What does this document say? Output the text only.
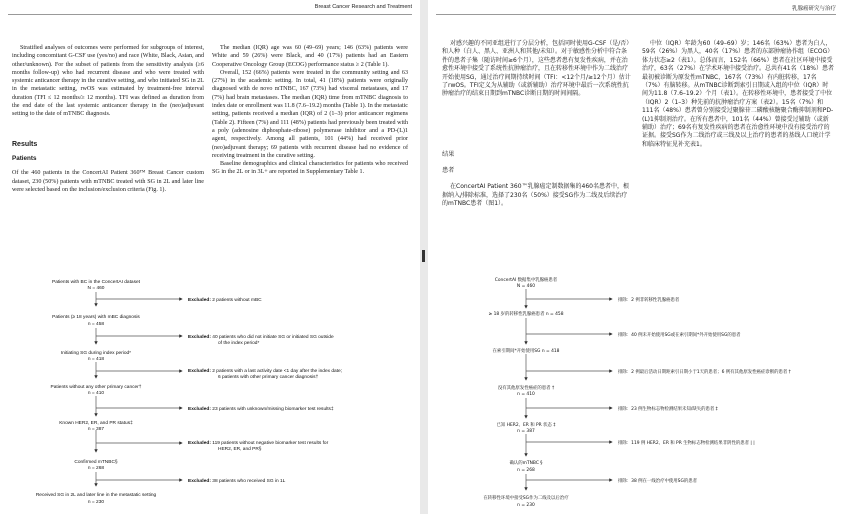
Breast Cancer Research and Treatment

Stratified analyses of outcomes were performed for subgroups of interest, including concomitant G-CSF use (yes/no) and race (White, Black, Asian, and other/unknown). For the subset of patients from the sensitivity analysis (≥6 months follow-up) who had recurrent disease and who were treated with systemic anticancer therapy in the curative setting, and who initiated SG in 2L in the metastatic setting, rwOS was estimated by treatment-free interval duration (TFI ≤ 12 months/≥ 12 months). TFI was defined as duration from the end date of the last systemic anticancer therapy in the (neo)adjuvant setting to the date of mTNBC diagnosis.

Results
Patients

Of the 460 patients in the ConcertAI Patient 360™ Breast Cancer custom dataset, 230 (50%) patients with mTNBC treated with SG in 2L and later line were selected based on the inclusion/exclusion criteria (Fig. 1).

The median (IQR) age was 60 (49–69) years; 146 (63%) patients were White and 59 (26%) were Black, and 40 (17%) patients had an Eastern Cooperative Oncology Group (ECOG) performance status ≥ 2 (Table 1).

Overall, 152 (66%) patients were treated in the community setting and 63 (27%) in the academic setting. In total, 41 (18%) patients were originally diagnosed with de novo mTNBC, 167 (73%) had visceral metastases, and 17 (7%) had brain metastases. The median (IQR) time from mTNBC diagnosis to index date or enrollment was 11.8 (7.6–19.2) months (Table 1). In the metastatic setting, patients received a median (IQR) of 2 (1–3) prior anticancer regimens (Table 2). Fifteen (7%) and 111 (48%) patients had previously been treated with a poly (adenosine diphosphate-ribose) polymerase inhibitor and a PD-(L)1 agent, respectively. Among all patients, 101 (44%) had received prior (neo)adjuvant therapy; 69 patients with recurrent disease had no evidence of receiving treatment in the curative setting.

Baseline demographics and clinical characteristics for patients who received SG in the 2L or in 3L+ are reported in Supplementary Table 1.

Patients with BC in the ConcertAI dataset
N = 460
Patients (≥ 18 years) with mBC diagnosis
n = 458
Initiating SG during index period*
n = 418
Patients without any other primary cancer†
n = 410
Known HER2, ER, and PR status‡
n = 387
Confirmed mTNBC§
n = 268
Received SG in 2L and later line in the metastatic setting
n = 230
Excluded: 2 patients without mBC
Excluded: 40 patients who did not initiate SG or initiated SG outside
of the index period*
Excluded: 2 patients with a last activity date <1 day after the index date;
6 patients with other primary cancer diagnosis†
Excluded: 23 patients with unknown/missing biomarker test results‡
Excluded: 119 patients without negative biomarker test results for
HER2, ER, and PR§
Excluded: 38 patients who received SG in 1L
乳腺癌研究与治疗

对感兴趣的不同亚组进行了分层分析，包括同时使用G-CSF（是/否）和人种（白人、黑人、亚洲人和其他/未知）。对于敏感性分析中符合条件的患者子集（随访时间≥6个月），这些患者患有复发性疾病，并在治愈性环境中接受了系统性抗肿瘤治疗，且在转移性环境中作为二线治疗开始使用SG，通过治疗间期持续时间（TFI：<12个月/≥12个月）估计了rwOS。TFI定义为从辅助（或新辅助）治疗环境中最后一次系统性抗肿瘤治疗的结束日期到mTNBC诊断日期的时间间隔。

结果
患者

在ConcertAI Patient 360™乳腺癌定制数据集的460名患者中，根据纳入/排除标准，选择了230名（50%）接受SG作为二线及后续治疗的mTNBC患者（图1）。

中位（IQR）年龄为60（49–69）岁；146名（63%）患者为白人，59名（26%）为黑人，40名（17%）患者的东部肿瘤协作组（ECOG）体力状态≥2（表1）。总体而言，152名（66%）患者在社区环境中接受治疗，63名（27%）在学术环境中接受治疗。总共有41名（18%）患者最初被诊断为原发性mTNBC，167名（73%）有内脏转移，17名（7%）有脑转移。从mTNBC诊断到索引日期或入组的中位（IQR）时间为11.8（7.6–19.2）个月（表1）。在转移性环境中，患者接受了中位（IQR）2（1–3）种先前的抗肿瘤治疗方案（表2）。15名（7%）和111名（48%）患者曾分别接受过聚腺苷二磷酸核糖聚合酶抑制剂和PD-(L)1抑制剂治疗。在所有患者中，101名（44%）曾接受过辅助（或新辅助）治疗；69名有复发性疾病的患者在治愈性环境中没有接受治疗的证据。接受SG作为二线治疗或三线及以上治疗的患者的基线人口统计学和临床特征见补充表1。

ConcertAI 数据集中乳腺癌患者
N = 460
≥ 18 岁的转移性乳腺癌患者 n = 458
在索引期间*开始使用SG n = 418
没有其他原发性癌症的患者 †
n = 410
已知 HER2、ER 和 PR 状态 ‡
n = 387
确认的mTNBC §
n = 268
在转移性环境中接受SG作为二线及以后治疗
n = 230
排除：2 例非转移性乳腺癌患者
排除：40 例未开始使用SG或在索引期间*外开始使用SG的患者
排除：2 例最后活动日期距索引日期小于1天的患者；6 例有其他原发性癌症诊断的患者 †
排除：23 例生物标志物检测结果未知/缺失的患者 ‡
排除：119 例 HER2、ER 和 PR 生物标志物检测结果非阴性的患者 | |
排除：38 例在一线治疗中使用SG的患者
